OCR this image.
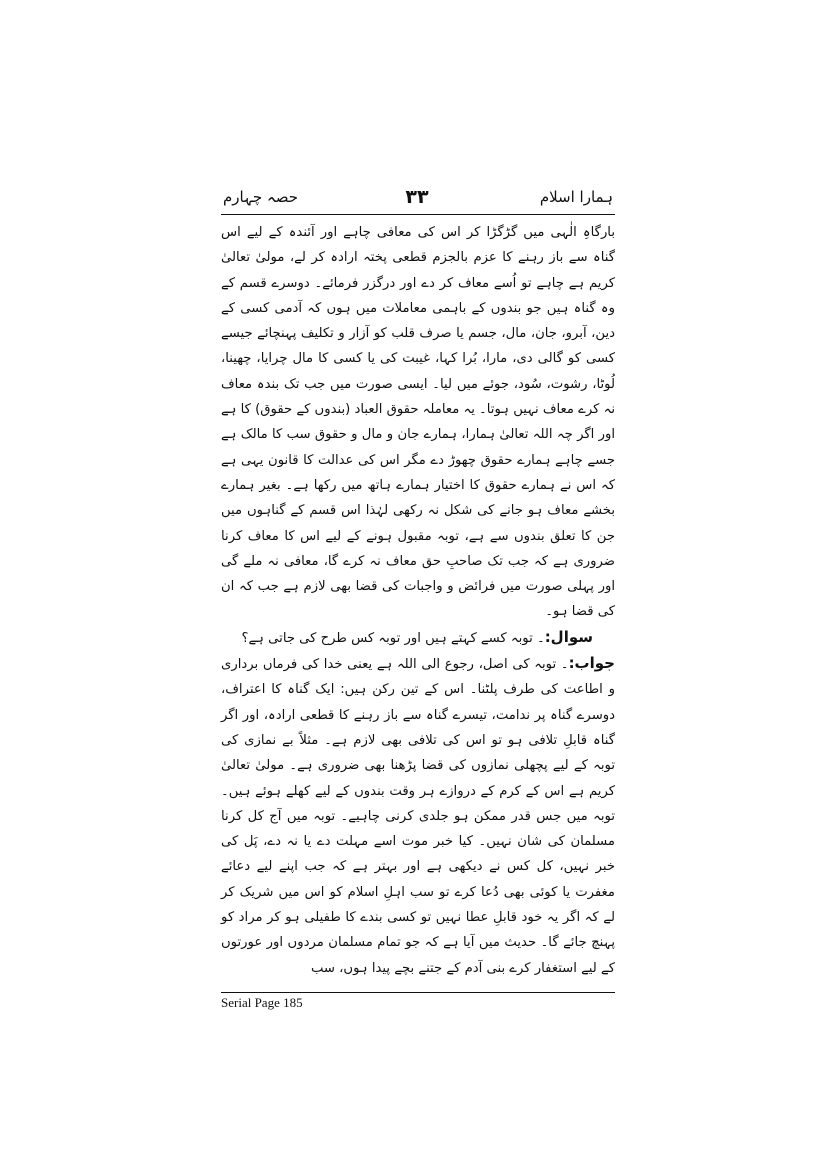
حصہ چہارم	۳۳	ہمارا اسلام

بارگاہِ الٰہی میں گڑگڑا کر اس کی معافی چاہے اور آئندہ کے لیے اس گناہ سے باز رہنے کا عزم بالجزم قطعی پختہ ارادہ کر لے، مولیٰ تعالیٰ کریم ہے چاہے تو اُسے معاف کر دے اور درگزر فرمائے۔ دوسرے قسم کے وہ گناہ ہیں جو بندوں کے باہمی معاملات میں ہوں کہ آدمی کسی کے دین، آبرو، جان، مال، جسم یا صرف قلب کو آزار و تکلیف پہنچائے جیسے کسی کو گالی دی، مارا، بُرا کہا، غیبت کی یا کسی کا مال چرایا، چھینا، لُوٹا، رشوت، سُود، جوئے میں لیا۔ ایسی صورت میں جب تک بندہ معاف نہ کرے معاف نہیں ہوتا۔ یہ معاملہ حقوق العباد (بندوں کے حقوق) کا ہے اور اگر چہ اللہ تعالیٰ ہمارا، ہمارے جان و مال و حقوق سب کا مالک ہے جسے چاہے ہمارے حقوق چھوڑ دے مگر اس کی عدالت کا قانون یہی ہے کہ اس نے ہمارے حقوق کا اختیار ہمارے ہاتھ میں رکھا ہے۔ بغیر ہمارے بخشے معاف ہو جانے کی شکل نہ رکھی لہٰذا اس قسم کے گناہوں میں جن کا تعلق بندوں سے ہے، توبہ مقبول ہونے کے لیے اس کا معاف کرنا ضروری ہے کہ جب تک صاحبِ حق معاف نہ کرے گا، معافی نہ ملے گی اور پہلی صورت میں فرائض و واجبات کی قضا بھی لازم ہے جب کہ ان کی قضا ہو۔

سوال:۔ توبہ کسے کہتے ہیں اور توبہ کس طرح کی جاتی ہے؟

جواب:۔ توبہ کی اصل، رجوع الی اللہ ہے یعنی خدا کی فرماں برداری و اطاعت کی طرف پلٹنا۔ اس کے تین رکن ہیں: ایک گناہ کا اعتراف، دوسرے گناہ پر ندامت، تیسرے گناہ سے باز رہنے کا قطعی ارادہ، اور اگر گناہ قابلِ تلافی ہو تو اس کی تلافی بھی لازم ہے۔ مثلاً بے نمازی کی توبہ کے لیے پچھلی نمازوں کی قضا پڑھنا بھی ضروری ہے۔ مولیٰ تعالیٰ کریم ہے اس کے کرم کے دروازے ہر وقت بندوں کے لیے کھلے ہوئے ہیں۔ توبہ میں جس قدر ممکن ہو جلدی کرنی چاہیے۔ توبہ میں آج کل کرنا مسلمان کی شان نہیں۔ کیا خبر موت اسے مہلت دے یا نہ دے، پَل کی خبر نہیں، کل کس نے دیکھی ہے اور بہتر ہے کہ جب اپنے لیے دعائے مغفرت یا کوئی بھی دُعا کرے تو سب اہلِ اسلام کو اس میں شریک کر لے کہ اگر یہ خود قابلِ عطا نہیں تو کسی بندے کا طفیلی ہو کر مراد کو پہنچ جائے گا۔ حدیث میں آیا ہے کہ جو تمام مسلمان مردوں اور عورتوں کے لیے استغفار کرے بنی آدم کے جتنے بچے پیدا ہوں، سب

Serial Page 185
